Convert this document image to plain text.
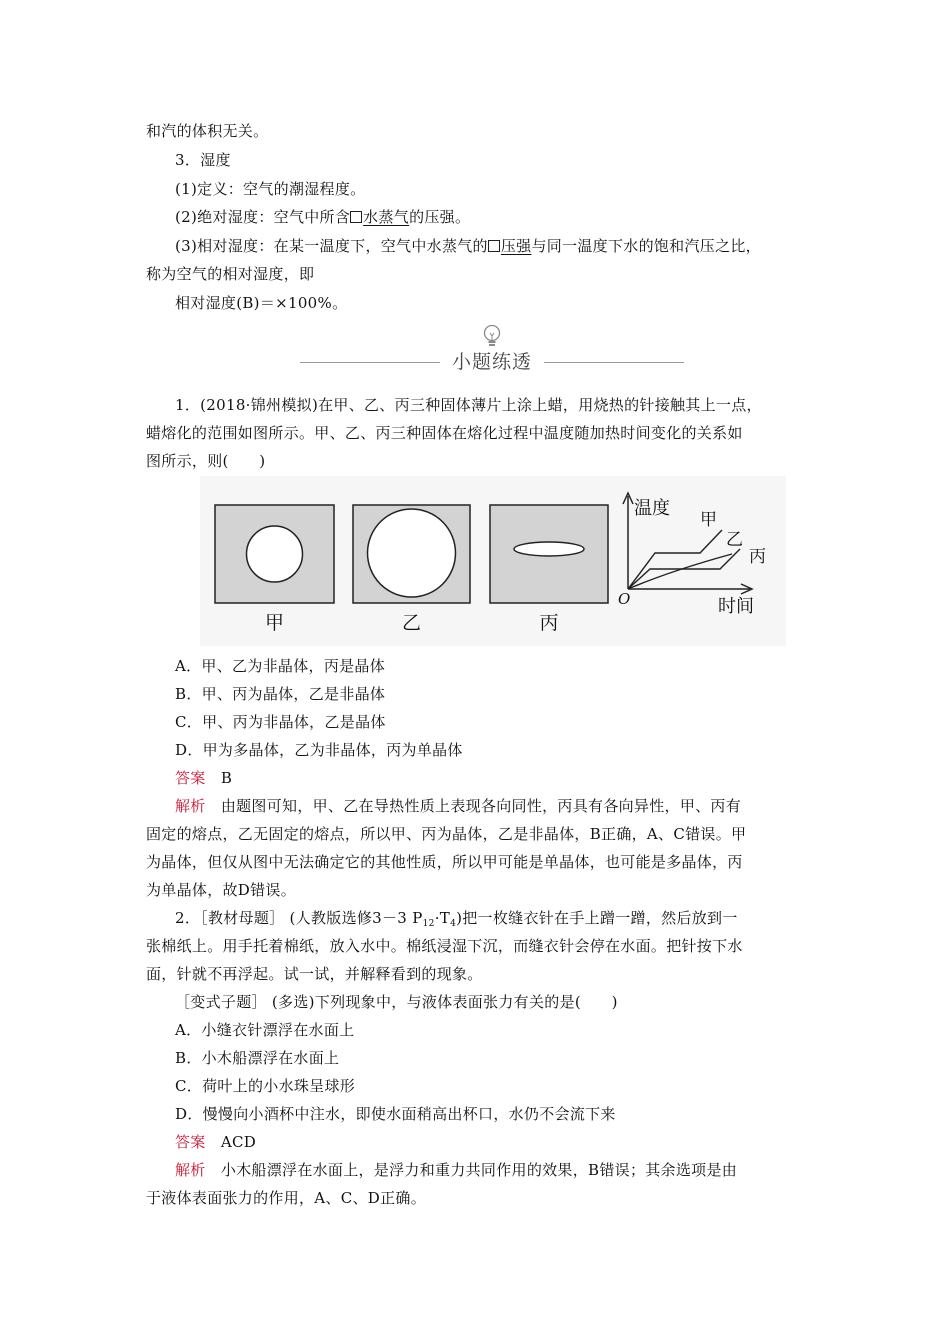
和汽的体积无关。
3．湿度
(1)定义：空气的潮湿程度。
(2)绝对湿度：空气中所含 水蒸气的压强。
(3)相对湿度：在某一温度下，空气中水蒸气的 压强与同一温度下水的饱和汽压之比，
称为空气的相对湿度，即
相对湿度(B)＝×100%。
小题练透
1．(2018·锦州模拟)在甲、乙、丙三种固体薄片上涂上蜡，用烧热的针接触其上一点，
蜡熔化的范围如图所示。甲、乙、丙三种固体在熔化过程中温度随加热时间变化的关系如
图所示，则(　　)
甲	乙	丙
温度
时间
O
甲
乙
丙
A．甲、乙为非晶体，丙是晶体
B．甲、丙为晶体，乙是非晶体
C．甲、丙为非晶体，乙是晶体
D．甲为多晶体，乙为非晶体，丙为单晶体
答案 B
解析 由题图可知，甲、乙在导热性质上表现各向同性，丙具有各向异性，甲、丙有
固定的熔点，乙无固定的熔点，所以甲、丙为晶体，乙是非晶体，B正确，A、C错误。甲
为晶体，但仅从图中无法确定它的其他性质，所以甲可能是单晶体，也可能是多晶体，丙
为单晶体，故D错误。
2．［教材母题］ (人教版选修3－3 $P_{12}\cdot T_4$)把一枚缝衣针在手上蹭一蹭，然后放到一
张棉纸上。用手托着棉纸，放入水中。棉纸浸湿下沉，而缝衣针会停在水面。把针按下水
面，针就不再浮起。试一试，并解释看到的现象。
［变式子题］ (多选)下列现象中，与液体表面张力有关的是(　　)
A．小缝衣针漂浮在水面上
B．小木船漂浮在水面上
C．荷叶上的小水珠呈球形
D．慢慢向小酒杯中注水，即使水面稍高出杯口，水仍不会流下来
答案 ACD
解析 小木船漂浮在水面上，是浮力和重力共同作用的效果，B错误；其余选项是由
于液体表面张力的作用，A、C、D正确。
